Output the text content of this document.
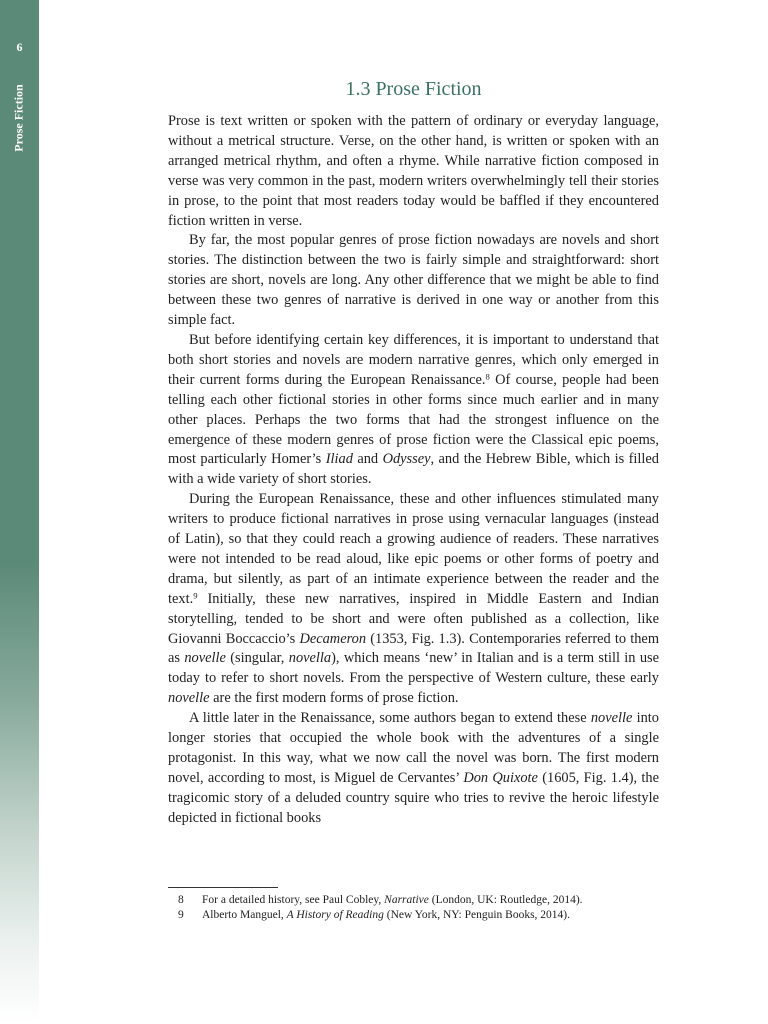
6
Prose Fiction	1.3 Prose Fiction

Prose is text written or spoken with the pattern of ordinary or everyday language, without a metrical structure. Verse, on the other hand, is written or spoken with an arranged metrical rhythm, and often a rhyme. While narrative fiction composed in verse was very common in the past, modern writers overwhelmingly tell their stories in prose, to the point that most readers today would be baffled if they encountered fiction written in verse.

By far, the most popular genres of prose fiction nowadays are novels and short stories. The distinction between the two is fairly simple and straightforward: short stories are short, novels are long. Any other difference that we might be able to find between these two genres of narrative is derived in one way or another from this simple fact.

But before identifying certain key differences, it is important to understand that both short stories and novels are modern narrative genres, which only emerged in their current forms during the European Renaissance.$^8$ Of course, people had been telling each other fictional stories in other forms since much earlier and in many other places. Perhaps the two forms that had the strongest influence on the emergence of these modern genres of prose fiction were the Classical epic poems, most particularly Homer’s Iliad and Odyssey, and the Hebrew Bible, which is filled with a wide variety of short stories.

During the European Renaissance, these and other influences stimulated many writers to produce fictional narratives in prose using vernacular languages (instead of Latin), so that they could reach a growing audience of readers. These narratives were not intended to be read aloud, like epic poems or other forms of poetry and drama, but silently, as part of an intimate experience between the reader and the text.$^9$ Initially, these new narratives, inspired in Middle Eastern and Indian storytelling, tended to be short and were often published as a collection, like Giovanni Boccaccio’s Decameron (1353, Fig. 1.3). Contemporaries referred to them as novelle (singular, novella), which means ‘new’ in Italian and is a term still in use today to refer to short novels. From the perspective of Western culture, these early novelle are the first modern forms of prose fiction.

A little later in the Renaissance, some authors began to extend these novelle into longer stories that occupied the whole book with the adventures of a single protagonist. In this way, what we now call the novel was born. The first modern novel, according to most, is Miguel de Cervantes’ Don Quixote (1605, Fig. 1.4), the tragicomic story of a deluded country squire who tries to revive the heroic lifestyle depicted in fictional books

8	For a detailed history, see Paul Cobley, Narrative (London, UK: Routledge, 2014).
9	Alberto Manguel, A History of Reading (New York, NY: Penguin Books, 2014).
